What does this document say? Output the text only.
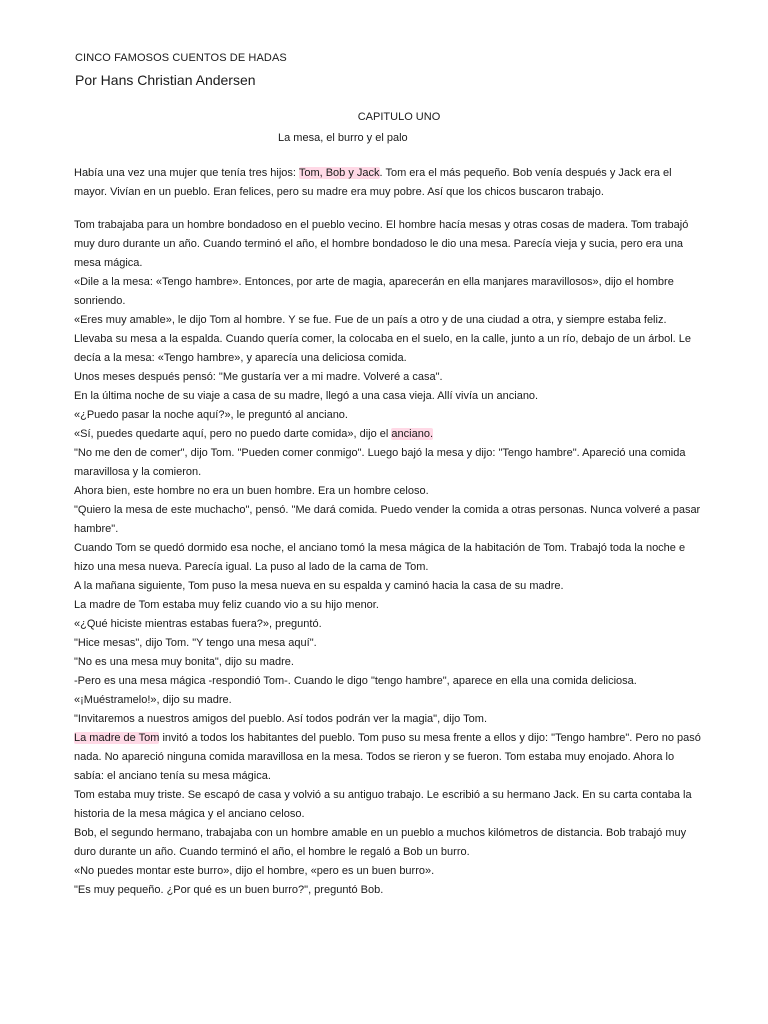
CINCO FAMOSOS CUENTOS DE HADAS
Por Hans Christian Andersen
CAPITULO UNO
La mesa, el burro y el palo

Había una vez una mujer que tenía tres hijos: Tom, Bob y Jack. Tom era el más pequeño. Bob venía después y Jack era el mayor. Vivían en un pueblo. Eran felices, pero su madre era muy pobre. Así que los chicos buscaron trabajo.

Tom trabajaba para un hombre bondadoso en el pueblo vecino. El hombre hacía mesas y otras cosas de madera. Tom trabajó muy duro durante un año. Cuando terminó el año, el hombre bondadoso le dio una mesa. Parecía vieja y sucia, pero era una mesa mágica.

«Dile a la mesa: «Tengo hambre». Entonces, por arte de magia, aparecerán en ella manjares maravillosos», dijo el hombre sonriendo.

«Eres muy amable», le dijo Tom al hombre. Y se fue. Fue de un país a otro y de una ciudad a otra, y siempre estaba feliz. Llevaba su mesa a la espalda. Cuando quería comer, la colocaba en el suelo, en la calle, junto a un río, debajo de un árbol. Le decía a la mesa: «Tengo hambre», y aparecía una deliciosa comida.

Unos meses después pensó: "Me gustaría ver a mi madre. Volveré a casa".

En la última noche de su viaje a casa de su madre, llegó a una casa vieja. Allí vivía un anciano.

«¿Puedo pasar la noche aquí?», le preguntó al anciano.

«Sí, puedes quedarte aquí, pero no puedo darte comida», dijo el anciano.

"No me den de comer", dijo Tom. "Pueden comer conmigo". Luego bajó la mesa y dijo: "Tengo hambre". Apareció una comida maravillosa y la comieron.

Ahora bien, este hombre no era un buen hombre. Era un hombre celoso.

"Quiero la mesa de este muchacho", pensó. "Me dará comida. Puedo vender la comida a otras personas. Nunca volveré a pasar hambre".

Cuando Tom se quedó dormido esa noche, el anciano tomó la mesa mágica de la habitación de Tom. Trabajó toda la noche e hizo una mesa nueva. Parecía igual. La puso al lado de la cama de Tom.

A la mañana siguiente, Tom puso la mesa nueva en su espalda y caminó hacia la casa de su madre.

La madre de Tom estaba muy feliz cuando vio a su hijo menor.

«¿Qué hiciste mientras estabas fuera?», preguntó.

"Hice mesas", dijo Tom. "Y tengo una mesa aquí".

"No es una mesa muy bonita", dijo su madre.

-Pero es una mesa mágica -respondió Tom-. Cuando le digo "tengo hambre", aparece en ella una comida deliciosa.

«¡Muéstramelo!», dijo su madre.

"Invitaremos a nuestros amigos del pueblo. Así todos podrán ver la magia", dijo Tom.

La madre de Tom invitó a todos los habitantes del pueblo. Tom puso su mesa frente a ellos y dijo: "Tengo hambre". Pero no pasó nada. No apareció ninguna comida maravillosa en la mesa. Todos se rieron y se fueron. Tom estaba muy enojado. Ahora lo sabía: el anciano tenía su mesa mágica.

Tom estaba muy triste. Se escapó de casa y volvió a su antiguo trabajo. Le escribió a su hermano Jack. En su carta contaba la historia de la mesa mágica y el anciano celoso.

Bob, el segundo hermano, trabajaba con un hombre amable en un pueblo a muchos kilómetros de distancia. Bob trabajó muy duro durante un año. Cuando terminó el año, el hombre le regaló a Bob un burro.

«No puedes montar este burro», dijo el hombre, «pero es un buen burro».

"Es muy pequeño. ¿Por qué es un buen burro?", preguntó Bob.
